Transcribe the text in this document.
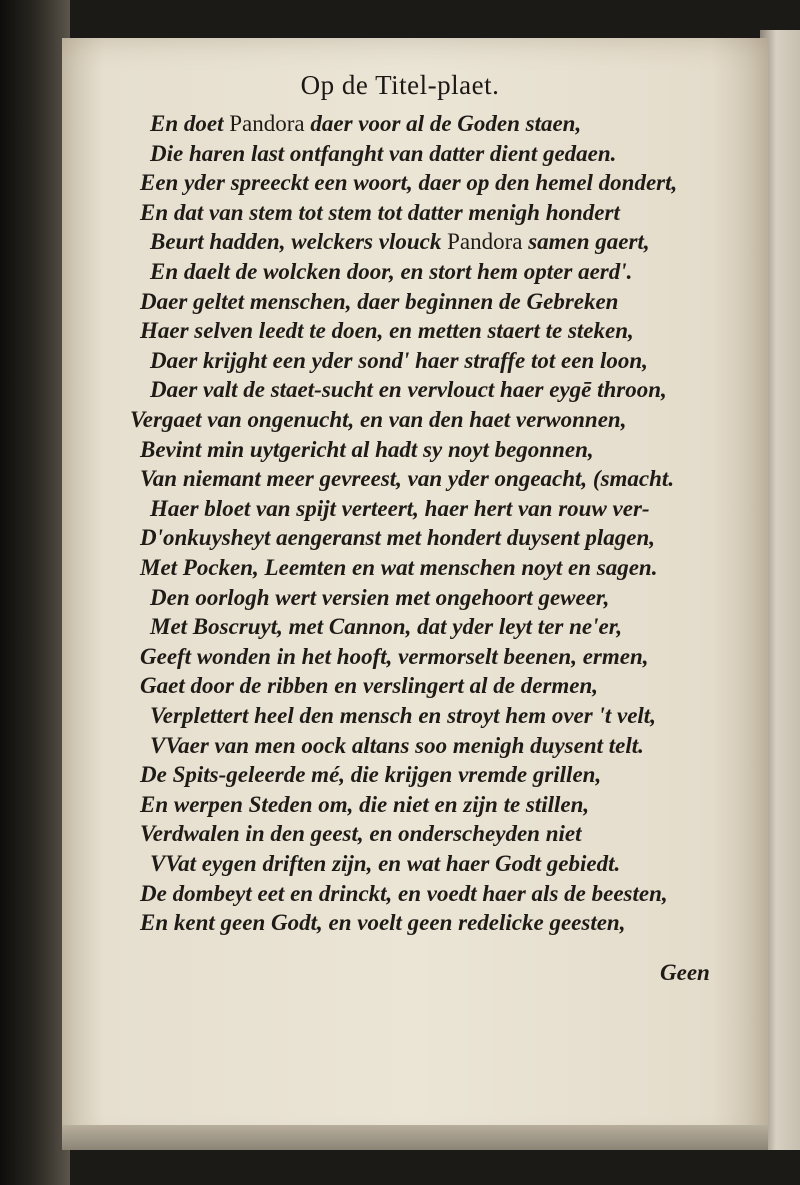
Op de Titel-plaet.
En doet Pandora daer voor al de Goden staen,
Die haren last ontfanght van datter dient gedaen.
Een yder spreeckt een woort, daer op den hemel dondert,
En dat van stem tot stem tot datter menigh hondert
Beurt hadden, welckers vlouck Pandora samen gaert,
En daelt de wolcken door, en stort hem opter aerd'.
Daer geltet menschen, daer beginnen de Gebreken
Haer selven leedt te doen, en metten staert te steken,
Daer krijght een yder sond' haer straffe tot een loon,
Daer valt de staet-sucht en vervlouct haer eygē throon,
Vergaet van ongenucht, en van den haet verwonnen,
Bevint min uytgericht al hadt sy noyt begonnen,
Van niemant meer gevreest, van yder ongeacht, (smacht.
Haer bloet van spijt verteert, haer hert van rouw ver-
D'onkuysheyt aengeranst met hondert duysent plagen,
Met Pocken, Leemten en wat menschen noyt en sagen.
Den oorlogh wert versien met ongehoort geweer,
Met Boscruyt, met Cannon, dat yder leyt ter ne'er,
Geeft wonden in het hooft, vermorselt beenen, ermen,
Gaet door de ribben en verslingert al de dermen,
Verplettert heel den mensch en stroyt hem over 't velt,
VVaer van men oock altans soo menigh duysent telt.
De Spits-geleerde mé, die krijgen vremde grillen,
En werpen Steden om, die niet en zijn te stillen,
Verdwalen in den geest, en onderscheyden niet
VVat eygen driften zijn, en wat haer Godt gebiedt.
De dombeyt eet en drinckt, en voedt haer als de beesten,
En kent geen Godt, en voelt geen redelicke geesten,
Geen
